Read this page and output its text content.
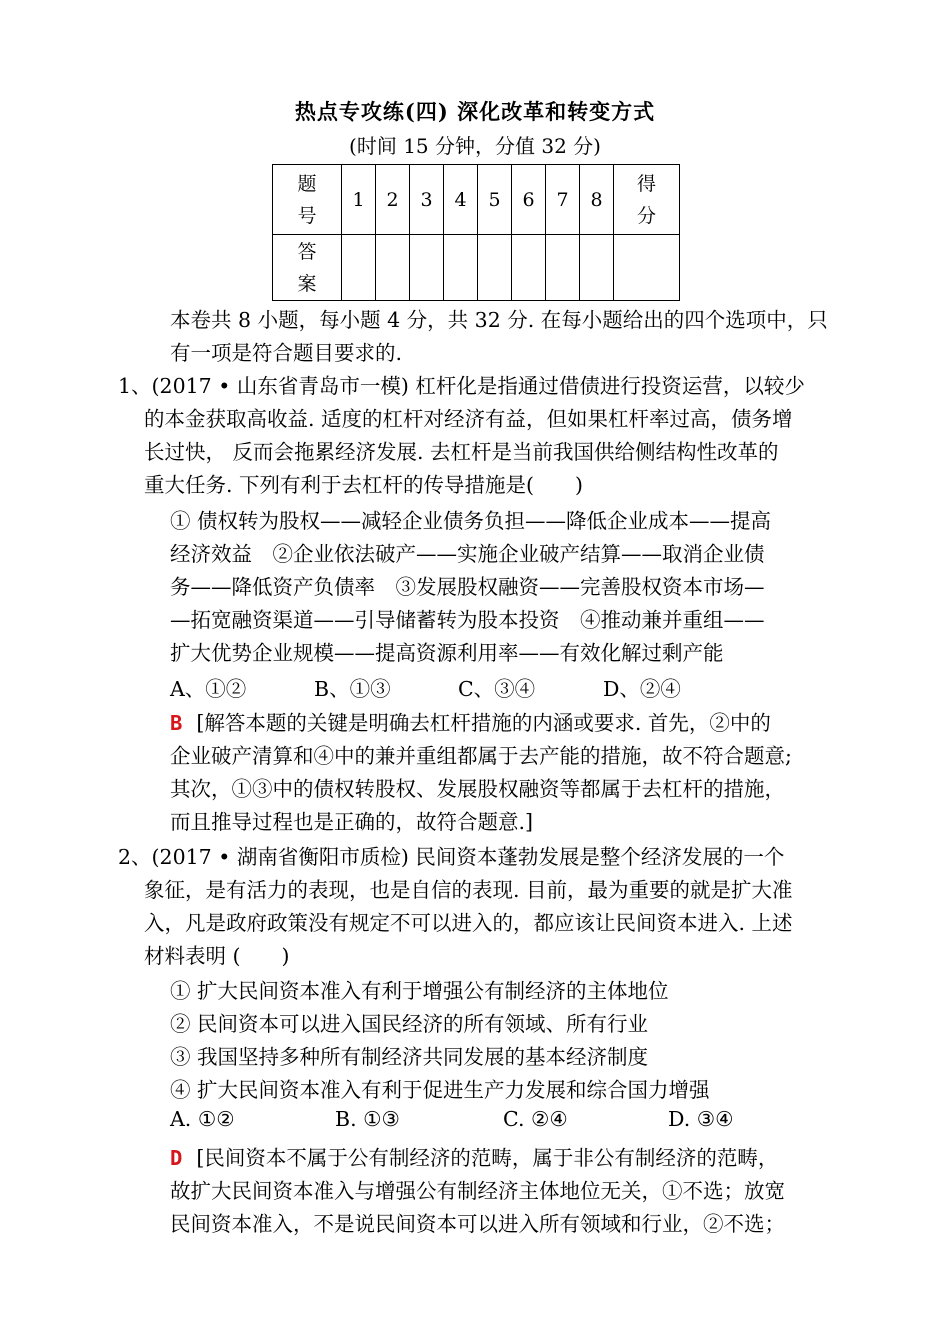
热点专攻练(四) 深化改革和转变方式
(时间 15 分钟，分值 32 分)
题号	1	2	3	4	5	6	7	8	得分
答案									
本卷共 8 小题，每小题 4 分，共 32 分. 在每小题给出的四个选项中，只
有一项是符合题目要求的.
1、(2017 • 山东省青岛市一模) 杠杆化是指通过借债进行投资运营，以较少
的本金获取高收益. 适度的杠杆对经济有益，但如果杠杆率过高，债务增
长过快， 反而会拖累经济发展. 去杠杆是当前我国供给侧结构性改革的
重大任务. 下列有利于去杠杆的传导措施是(　　)
① 债权转为股权——减轻企业债务负担——降低企业成本——提高
经济效益　②企业依法破产——实施企业破产结算——取消企业债
务——降低资产负债率　③发展股权融资——完善股权资本市场—
—拓宽融资渠道——引导储蓄转为股本投资　④推动兼并重组——
扩大优势企业规模——提高资源利用率——有效化解过剩产能
A、①②	B、①③	C、③④	D、②④
B [解答本题的关键是明确去杠杆措施的内涵或要求. 首先，②中的
企业破产清算和④中的兼并重组都属于去产能的措施，故不符合题意;
其次，①③中的债权转股权、发展股权融资等都属于去杠杆的措施，
而且推导过程也是正确的，故符合题意.]
2、(2017 • 湖南省衡阳市质检) 民间资本蓬勃发展是整个经济发展的一个
象征，是有活力的表现，也是自信的表现. 目前，最为重要的就是扩大准
入，凡是政府政策没有规定不可以进入的，都应该让民间资本进入. 上述
材料表明 (　　)
① 扩大民间资本准入有利于增强公有制经济的主体地位
② 民间资本可以进入国民经济的所有领域、所有行业
③ 我国坚持多种所有制经济共同发展的基本经济制度
④ 扩大民间资本准入有利于促进生产力发展和综合国力增强
A. ①②	B. ①③	C. ②④	D. ③④
D [民间资本不属于公有制经济的范畴，属于非公有制经济的范畴，
故扩大民间资本准入与增强公有制经济主体地位无关，①不选；放宽
民间资本准入，不是说民间资本可以进入所有领域和行业，②不选；
